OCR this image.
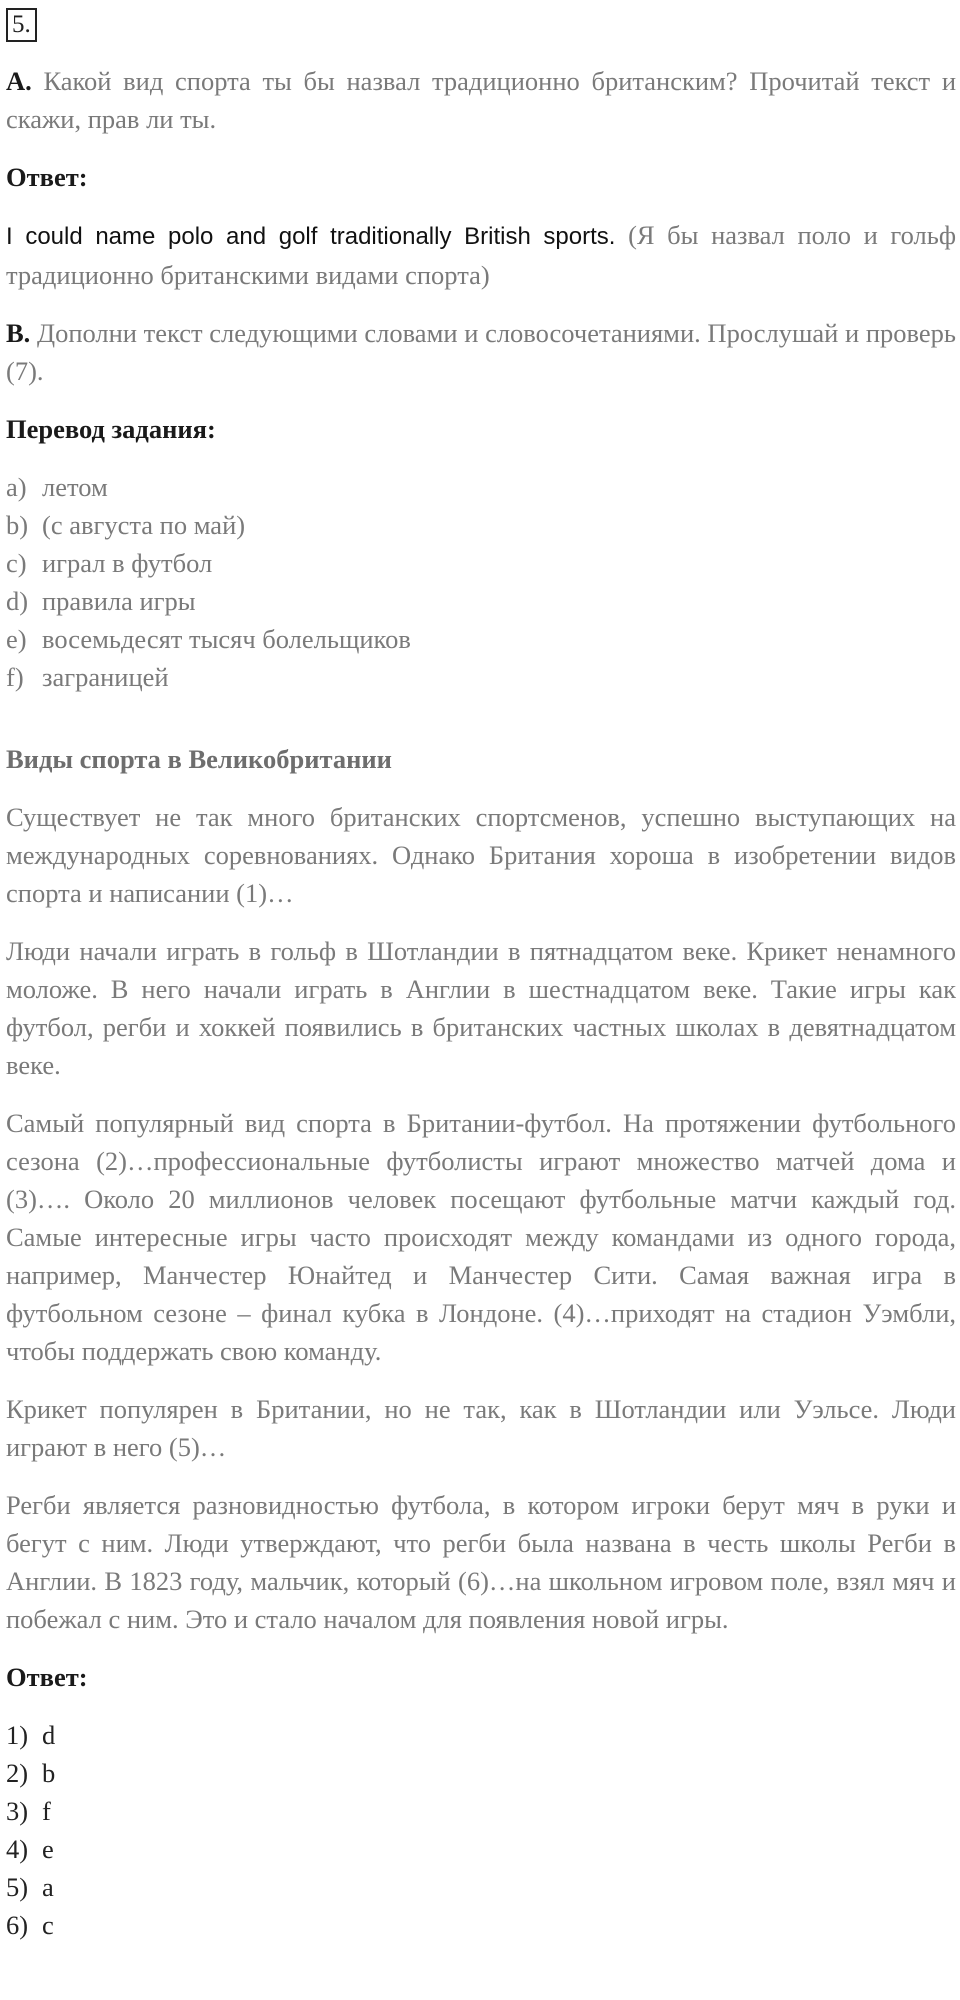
5.

A. Какой вид спорта ты бы назвал традиционно британским? Прочитай текст и скажи, прав ли ты.

Ответ:

I could name polo and golf traditionally British sports. (Я бы назвал поло и гольф традиционно британскими видами спорта)

B. Дополни текст следующими словами и словосочетаниями. Прослушай и проверь (7).

Перевод задания:
a) летом
b) (с августа по май)
c) играл в футбол
d) правила игры
e) восемьдесят тысяч болельщиков
f) заграницей
Виды спорта в Великобритании

Существует не так много британских спортсменов, успешно выступающих на международных соревнованиях. Однако Британия хороша в изобретении видов спорта и написании (1)…

Люди начали играть в гольф в Шотландии в пятнадцатом веке. Крикет ненамного моложе. В него начали играть в Англии в шестнадцатом веке. Такие игры как футбол, регби и хоккей появились в британских частных школах в девятнадцатом веке.

Самый популярный вид спорта в Британии-футбол. На протяжении футбольного сезона (2)…профессиональные футболисты играют множество матчей дома и (3)…. Около 20 миллионов человек посещают футбольные матчи каждый год. Самые интересные игры часто происходят между командами из одного города, например, Манчестер Юнайтед и Манчестер Сити. Самая важная игра в футбольном сезоне – финал кубка в Лондоне. (4)…приходят на стадион Уэмбли, чтобы поддержать свою команду.

Крикет популярен в Британии, но не так, как в Шотландии или Уэльсе. Люди играют в него (5)…

Регби является разновидностью футбола, в котором игроки берут мяч в руки и бегут с ним. Люди утверждают, что регби была названа в честь школы Регби в Англии. В 1823 году, мальчик, который (6)…на школьном игровом поле, взял мяч и побежал с ним. Это и стало началом для появления новой игры.

Ответ:
1) d
2) b
3) f
4) e
5) a
6) c
